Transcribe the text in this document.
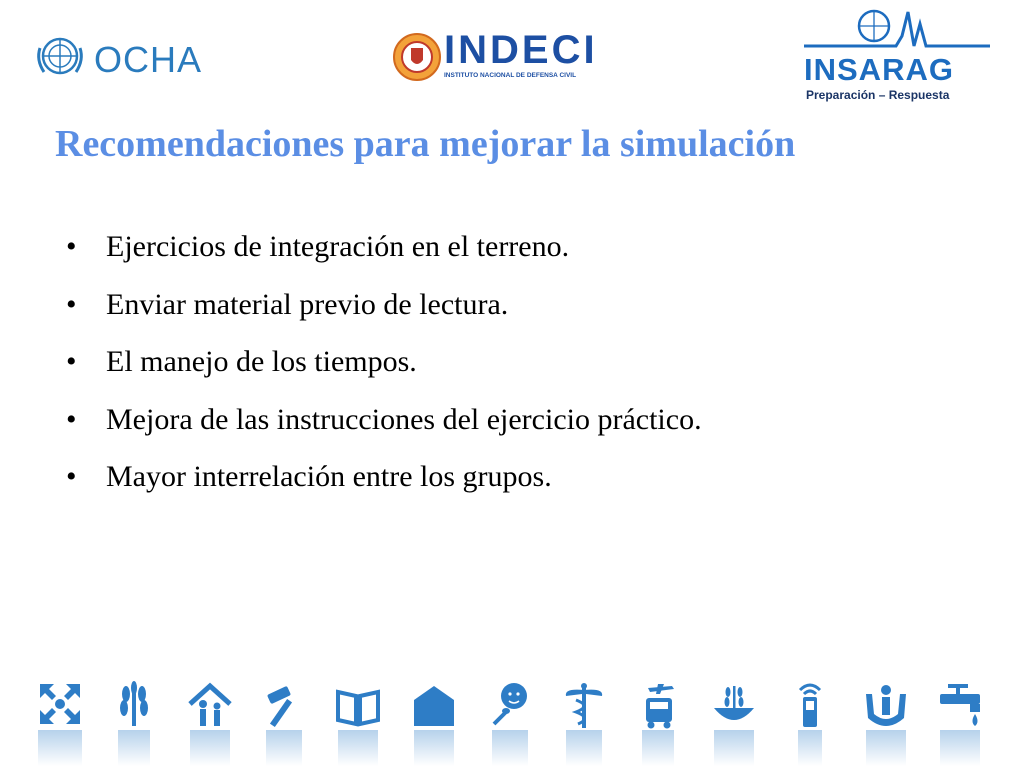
OCHA	INDECI
INSTITUTO NACIONAL DE DEFENSA CIVIL	INSARAG
Preparación – Respuesta
Recomendaciones para mejorar la simulación
• Ejercicios de integración en el terreno.
• Enviar material previo de lectura.
• El manejo de los tiempos.
• Mejora de las instrucciones del ejercicio práctico.
• Mayor interrelación entre los grupos.
